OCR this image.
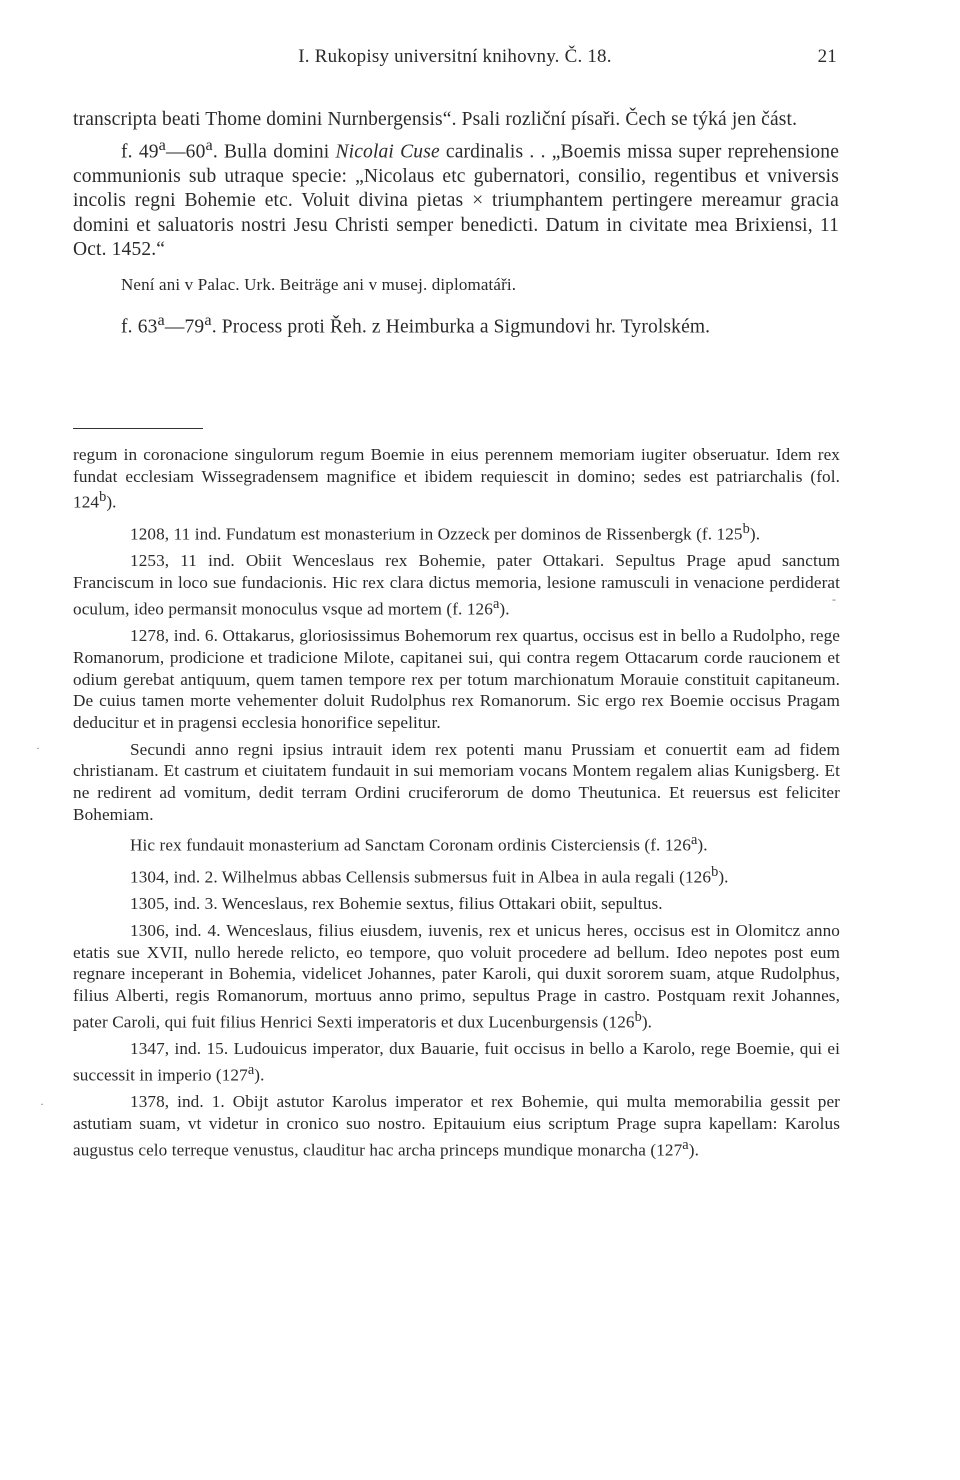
I. Rukopisy universitní knihovny. Č. 18.	21

transcripta beati Thome domini Nurnbergensis“. Psali rozliční písaři. Čech se týká jen část.

f. 49$^a$—60$^a$. Bulla domini Nicolai Cuse cardinalis . . „Boemis missa super reprehensione communionis sub utraque specie: „Nicolaus etc gubernatori, consilio, regentibus et vniversis incolis regni Bohemie etc. Voluit divina pietas × triumphantem pertingere mereamur gracia domini et saluatoris nostri Jesu Christi semper benedicti. Datum in civitate mea Brixiensi, 11 Oct. 1452.“

Není ani v Palac. Urk. Beiträge ani v musej. diplomatáři.

f. 63$^a$—79$^a$. Process proti Řeh. z Heimburka a Sigmundovi hr. Tyrolském.

regum in coronacione singulorum regum Boemie in eius perennem memoriam iugiter obseruatur. Idem rex fundat ecclesiam Wissegradensem magnifice et ibidem requiescit in domino; sedes est patriarchalis (fol. 124$^b$).

1208, 11 ind. Fundatum est monasterium in Ozzeck per dominos de Rissenbergk (f. 125$^b$).

1253, 11 ind. Obiit Wenceslaus rex Bohemie, pater Ottakari. Sepultus Prage apud sanctum Franciscum in loco sue fundacionis. Hic rex clara dictus memoria, lesione ramusculi in venacione perdiderat oculum, ideo permansit monoculus vsque ad mortem (f. 126$^a$).

1278, ind. 6. Ottakarus, gloriosissimus Bohemorum rex quartus, occisus est in bello a Rudolpho, rege Romanorum, prodicione et tradicione Milote, capitanei sui, qui contra regem Ottacarum corde raucionem et odium gerebat antiquum, quem tamen tempore rex per totum marchionatum Morauie constituit capitaneum. De cuius tamen morte vehementer doluit Rudolphus rex Romanorum. Sic ergo rex Boemie occisus Pragam deducitur et in pragensi ecclesia honorifice sepelitur.

Secundi anno regni ipsius intrauit idem rex potenti manu Prussiam et conuertit eam ad fidem christianam. Et castrum et ciuitatem fundauit in sui memoriam vocans Montem regalem alias Kunigsberg. Et ne redirent ad vomitum, dedit terram Ordini cruciferorum de domo Theutunica. Et reuersus est feliciter Bohemiam.

Hic rex fundauit monasterium ad Sanctam Coronam ordinis Cisterciensis (f. 126$^a$).

1304, ind. 2. Wilhelmus abbas Cellensis submersus fuit in Albea in aula regali (126$^b$).

1305, ind. 3. Wenceslaus, rex Bohemie sextus, filius Ottakari obiit, sepultus.

1306, ind. 4. Wenceslaus, filius eiusdem, iuvenis, rex et unicus heres, occisus est in Olomitcz anno etatis sue XVII, nullo herede relicto, eo tempore, quo voluit procedere ad bellum. Ideo nepotes post eum regnare inceperant in Bohemia, videlicet Johannes, pater Karoli, qui duxit sororem suam, atque Rudolphus, filius Alberti, regis Romanorum, mortuus anno primo, sepultus Prage in castro. Postquam rexit Johannes, pater Caroli, qui fuit filius Henrici Sexti imperatoris et dux Lucenburgensis (126$^b$).

1347, ind. 15. Ludouicus imperator, dux Bauarie, fuit occisus in bello a Karolo, rege Boemie, qui ei successit in imperio (127$^a$).

1378, ind. 1. Obijt astutor Karolus imperator et rex Bohemie, qui multa memorabilia gessit per astutiam suam, vt videtur in cronico suo nostro. Epitauium eius scriptum Prage supra kapellam: Karolus augustus celo terreque venustus, clauditur hac archa princeps mundique monarcha (127$^a$).

-
·
·
